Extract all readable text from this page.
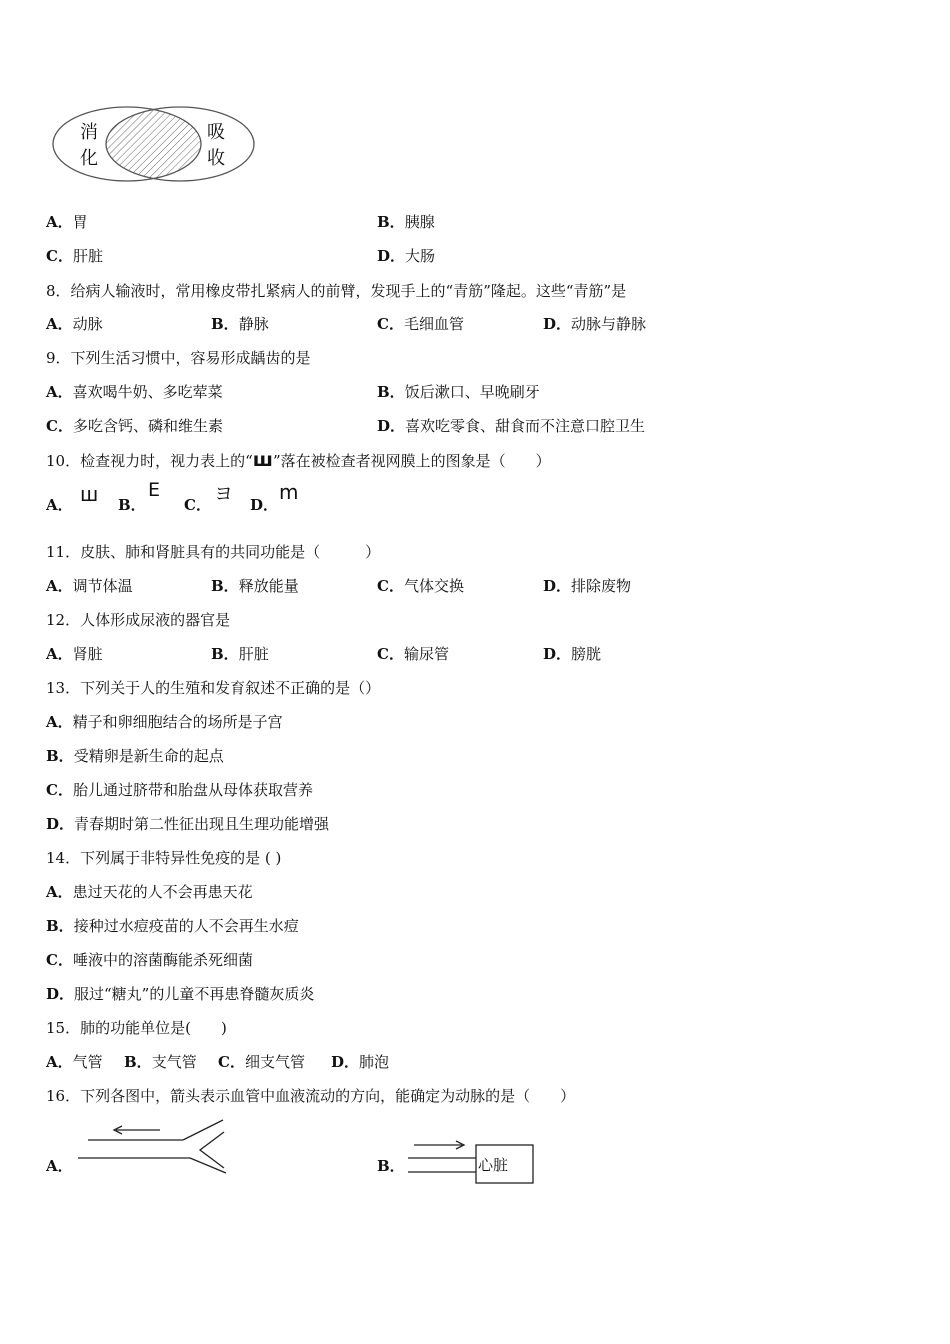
消
化
吸
收
A．胃	B．胰腺
C．肝脏	D．大肠
8．给病人输液时，常用橡皮带扎紧病人的前臂，发现手上的“青筋”隆起。这些“青筋”是
A．动脉	B．静脉	C．毛细血管	D．动脉与静脉
9．下列生活习惯中，容易形成龋齿的是
A．喜欢喝牛奶、多吃荤菜	B．饭后漱口、早晚刷牙
C．多吃含钙、磷和维生素	D．喜欢吃零食、甜食而不注意口腔卫生
10．检查视力时，视力表上的“ш”落在被检查者视网膜上的图象是（　　）
A． ш B．
E
C． ヨ D．
m
11．皮肤、肺和肾脏具有的共同功能是（　　　）
A．调节体温	B．释放能量	C．气体交换	D．排除废物
12．人体形成尿液的器官是
A．肾脏	B．肝脏	C．输尿管	D．膀胱
13．下列关于人的生殖和发育叙述不正确的是（）
A．精子和卵细胞结合的场所是子宫
B．受精卵是新生命的起点
C．胎儿通过脐带和胎盘从母体获取营养
D．青春期时第二性征出现且生理功能增强
14．下列属于非特异性免疫的是 ( )
A．患过天花的人不会再患天花
B．接种过水痘疫苗的人不会再生水痘
C．唾液中的溶菌酶能杀死细菌
D．服过“糖丸”的儿童不再患脊髓灰质炎
15．肺的功能单位是(　　)
A．气管 B．支气管 C．细支气管 D．肺泡
16．下列各图中，箭头表示血管中血液流动的方向，能确定为动脉的是（　　）
A．	B．	心脏
